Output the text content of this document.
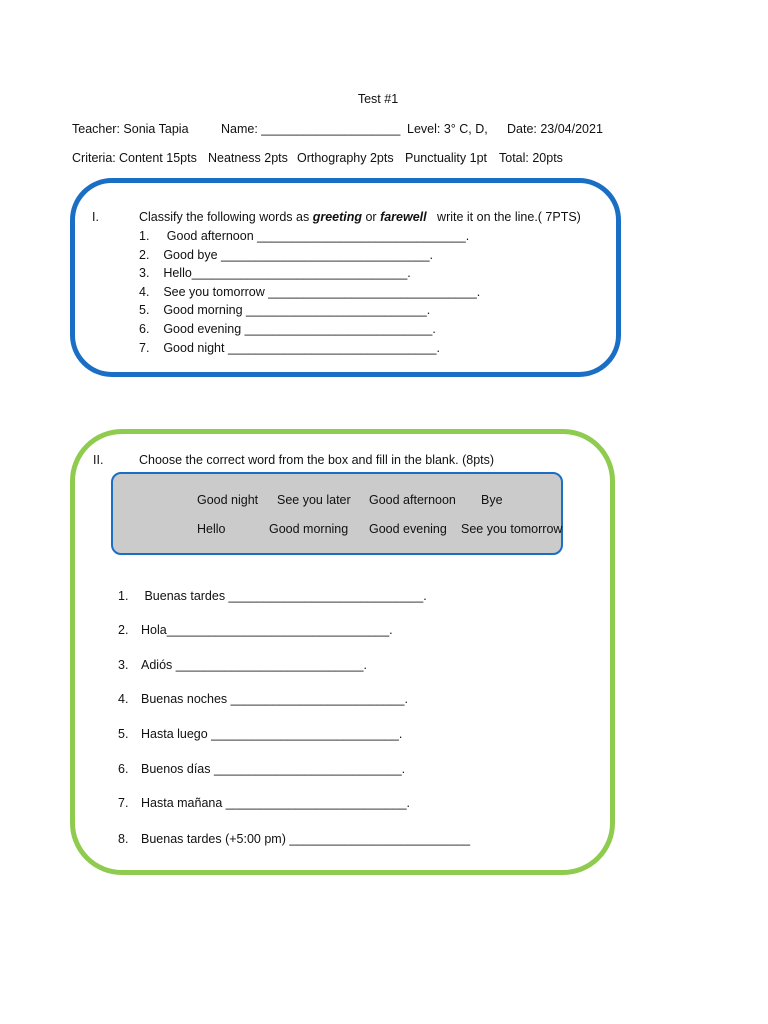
Test #1
Teacher: Sonia Tapia	Name: ____________________ Level: 3° C, D, Date: 23/04/2021
Criteria: Content 15pts Neatness 2pts Orthography 2pts Punctuality 1pt Total: 20pts
I.	Classify the following words as greeting or farewell   write it on the line.( 7PTS)
1.     Good afternoon ______________________________.
2.    Good bye ______________________________.
3.    Hello_______________________________.
4.    See you tomorrow ______________________________.
5.    Good morning __________________________.
6.    Good evening ___________________________.
7.    Good night ______________________________.
II.	Choose the correct word from the box and fill in the blank. (8pts)
Good night See you later Good afternoon Bye
Hello	Good morning Good evening See you tomorrow
1. Buenas tardes ____________________________.
2. Hola________________________________.
3. Adiós ___________________________.
4. Buenas noches _________________________.
5. Hasta luego ___________________________.
6. Buenos días ___________________________.
7. Hasta mañana __________________________.
8. Buenas tardes (+5:00 pm) __________________________
